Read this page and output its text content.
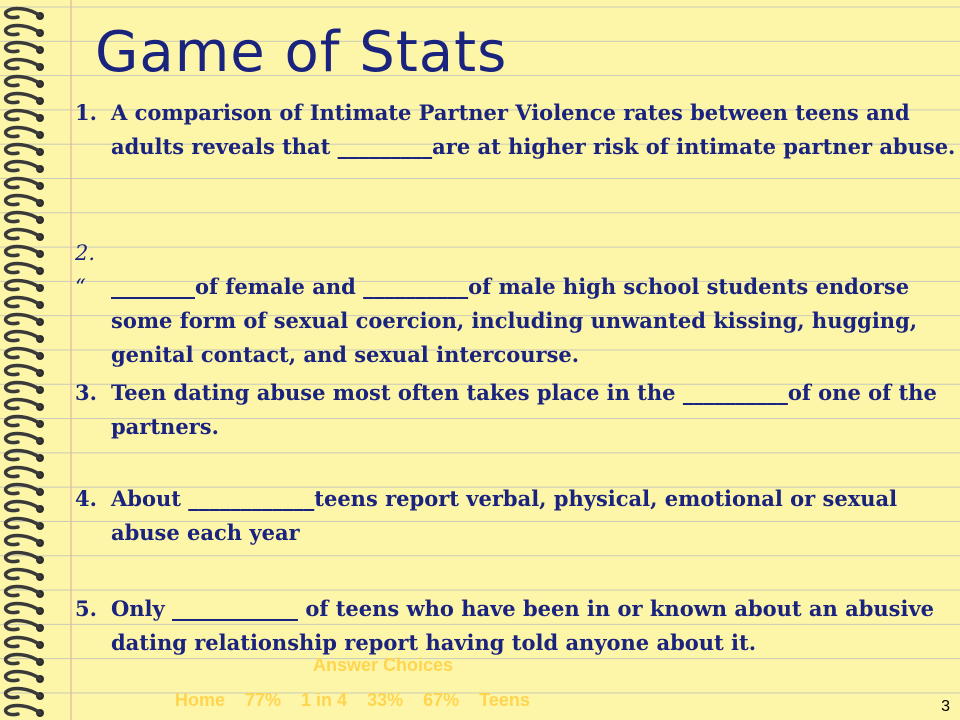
Game of Stats
1. A comparison of Intimate Partner Violence rates between teens and adults reveals that _________are at higher risk of intimate partner abuse.
2. “ ________of female and __________of male high school students endorse some form of sexual coercion, including unwanted kissing, hugging, genital contact, and sexual intercourse.
3. Teen dating abuse most often takes place in the __________of one of the partners.
4. About ____________teens report verbal, physical, emotional or sexual abuse each year
5. Only ____________ of teens who have been in or known about an abusive dating relationship report having told anyone about it.
Answer Choices
Home 77% 1 in 4 33% 67% Teens	3
